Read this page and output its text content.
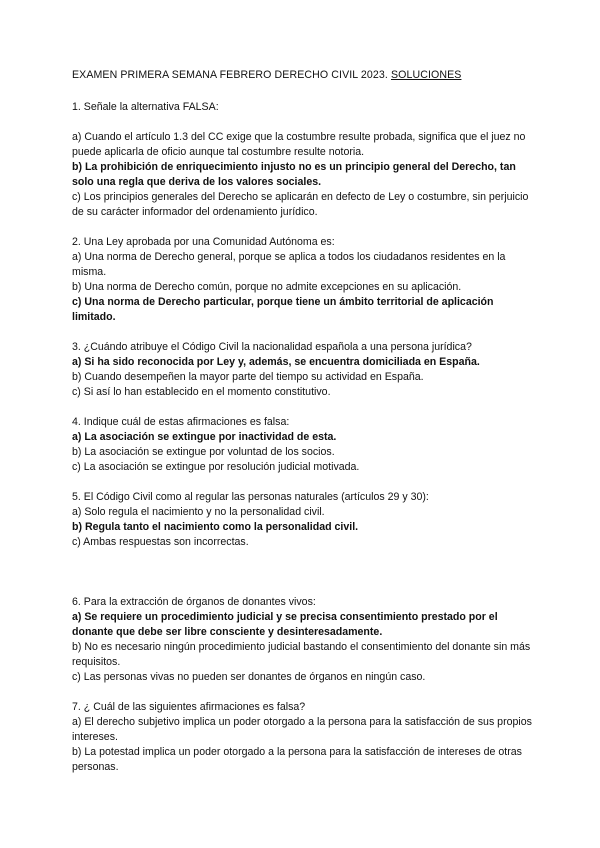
EXAMEN PRIMERA SEMANA FEBRERO DERECHO CIVIL 2023. SOLUCIONES

1. Señale la alternativa FALSA:

a) Cuando el artículo 1.3 del CC exige que la costumbre resulte probada, significa que el juez no puede aplicarla de oficio aunque tal costumbre resulte notoria.

b) La prohibición de enriquecimiento injusto no es un principio general del Derecho, tan solo una regla que deriva de los valores sociales.

c) Los principios generales del Derecho se aplicarán en defecto de Ley o costumbre, sin perjuicio de su carácter informador del ordenamiento jurídico.

2. Una Ley aprobada por una Comunidad Autónoma es:

a) Una norma de Derecho general, porque se aplica a todos los ciudadanos residentes en la misma.

b) Una norma de Derecho común, porque no admite excepciones en su aplicación.

c) Una norma de Derecho particular, porque tiene un ámbito territorial de aplicación limitado.

3. ¿Cuándo atribuye el Código Civil la nacionalidad española a una persona jurídica?

a) Si ha sido reconocida por Ley y, además, se encuentra domiciliada en España.

b) Cuando desempeñen la mayor parte del tiempo su actividad en España.

c) Si así lo han establecido en el momento constitutivo.

4. Indique cuál de estas afirmaciones es falsa:

a) La asociación se extingue por inactividad de esta.

b) La asociación se extingue por voluntad de los socios.

c) La asociación se extingue por resolución judicial motivada.

5. El Código Civil como al regular las personas naturales (artículos 29 y 30):

a) Solo regula el nacimiento y no la personalidad civil.

b) Regula tanto el nacimiento como la personalidad civil.

c) Ambas respuestas son incorrectas.

6. Para la extracción de órganos de donantes vivos:

a) Se requiere un procedimiento judicial y se precisa consentimiento prestado por el donante que debe ser libre consciente y desinteresadamente.

b) No es necesario ningún procedimiento judicial bastando el consentimiento del donante sin más requisitos.

c) Las personas vivas no pueden ser donantes de órganos en ningún caso.

7. ¿ Cuál de las siguientes afirmaciones es falsa?

a) El derecho subjetivo implica un poder otorgado a la persona para la satisfacción de sus propios intereses.

b) La potestad implica un poder otorgado a la persona para la satisfacción de intereses de otras personas.
